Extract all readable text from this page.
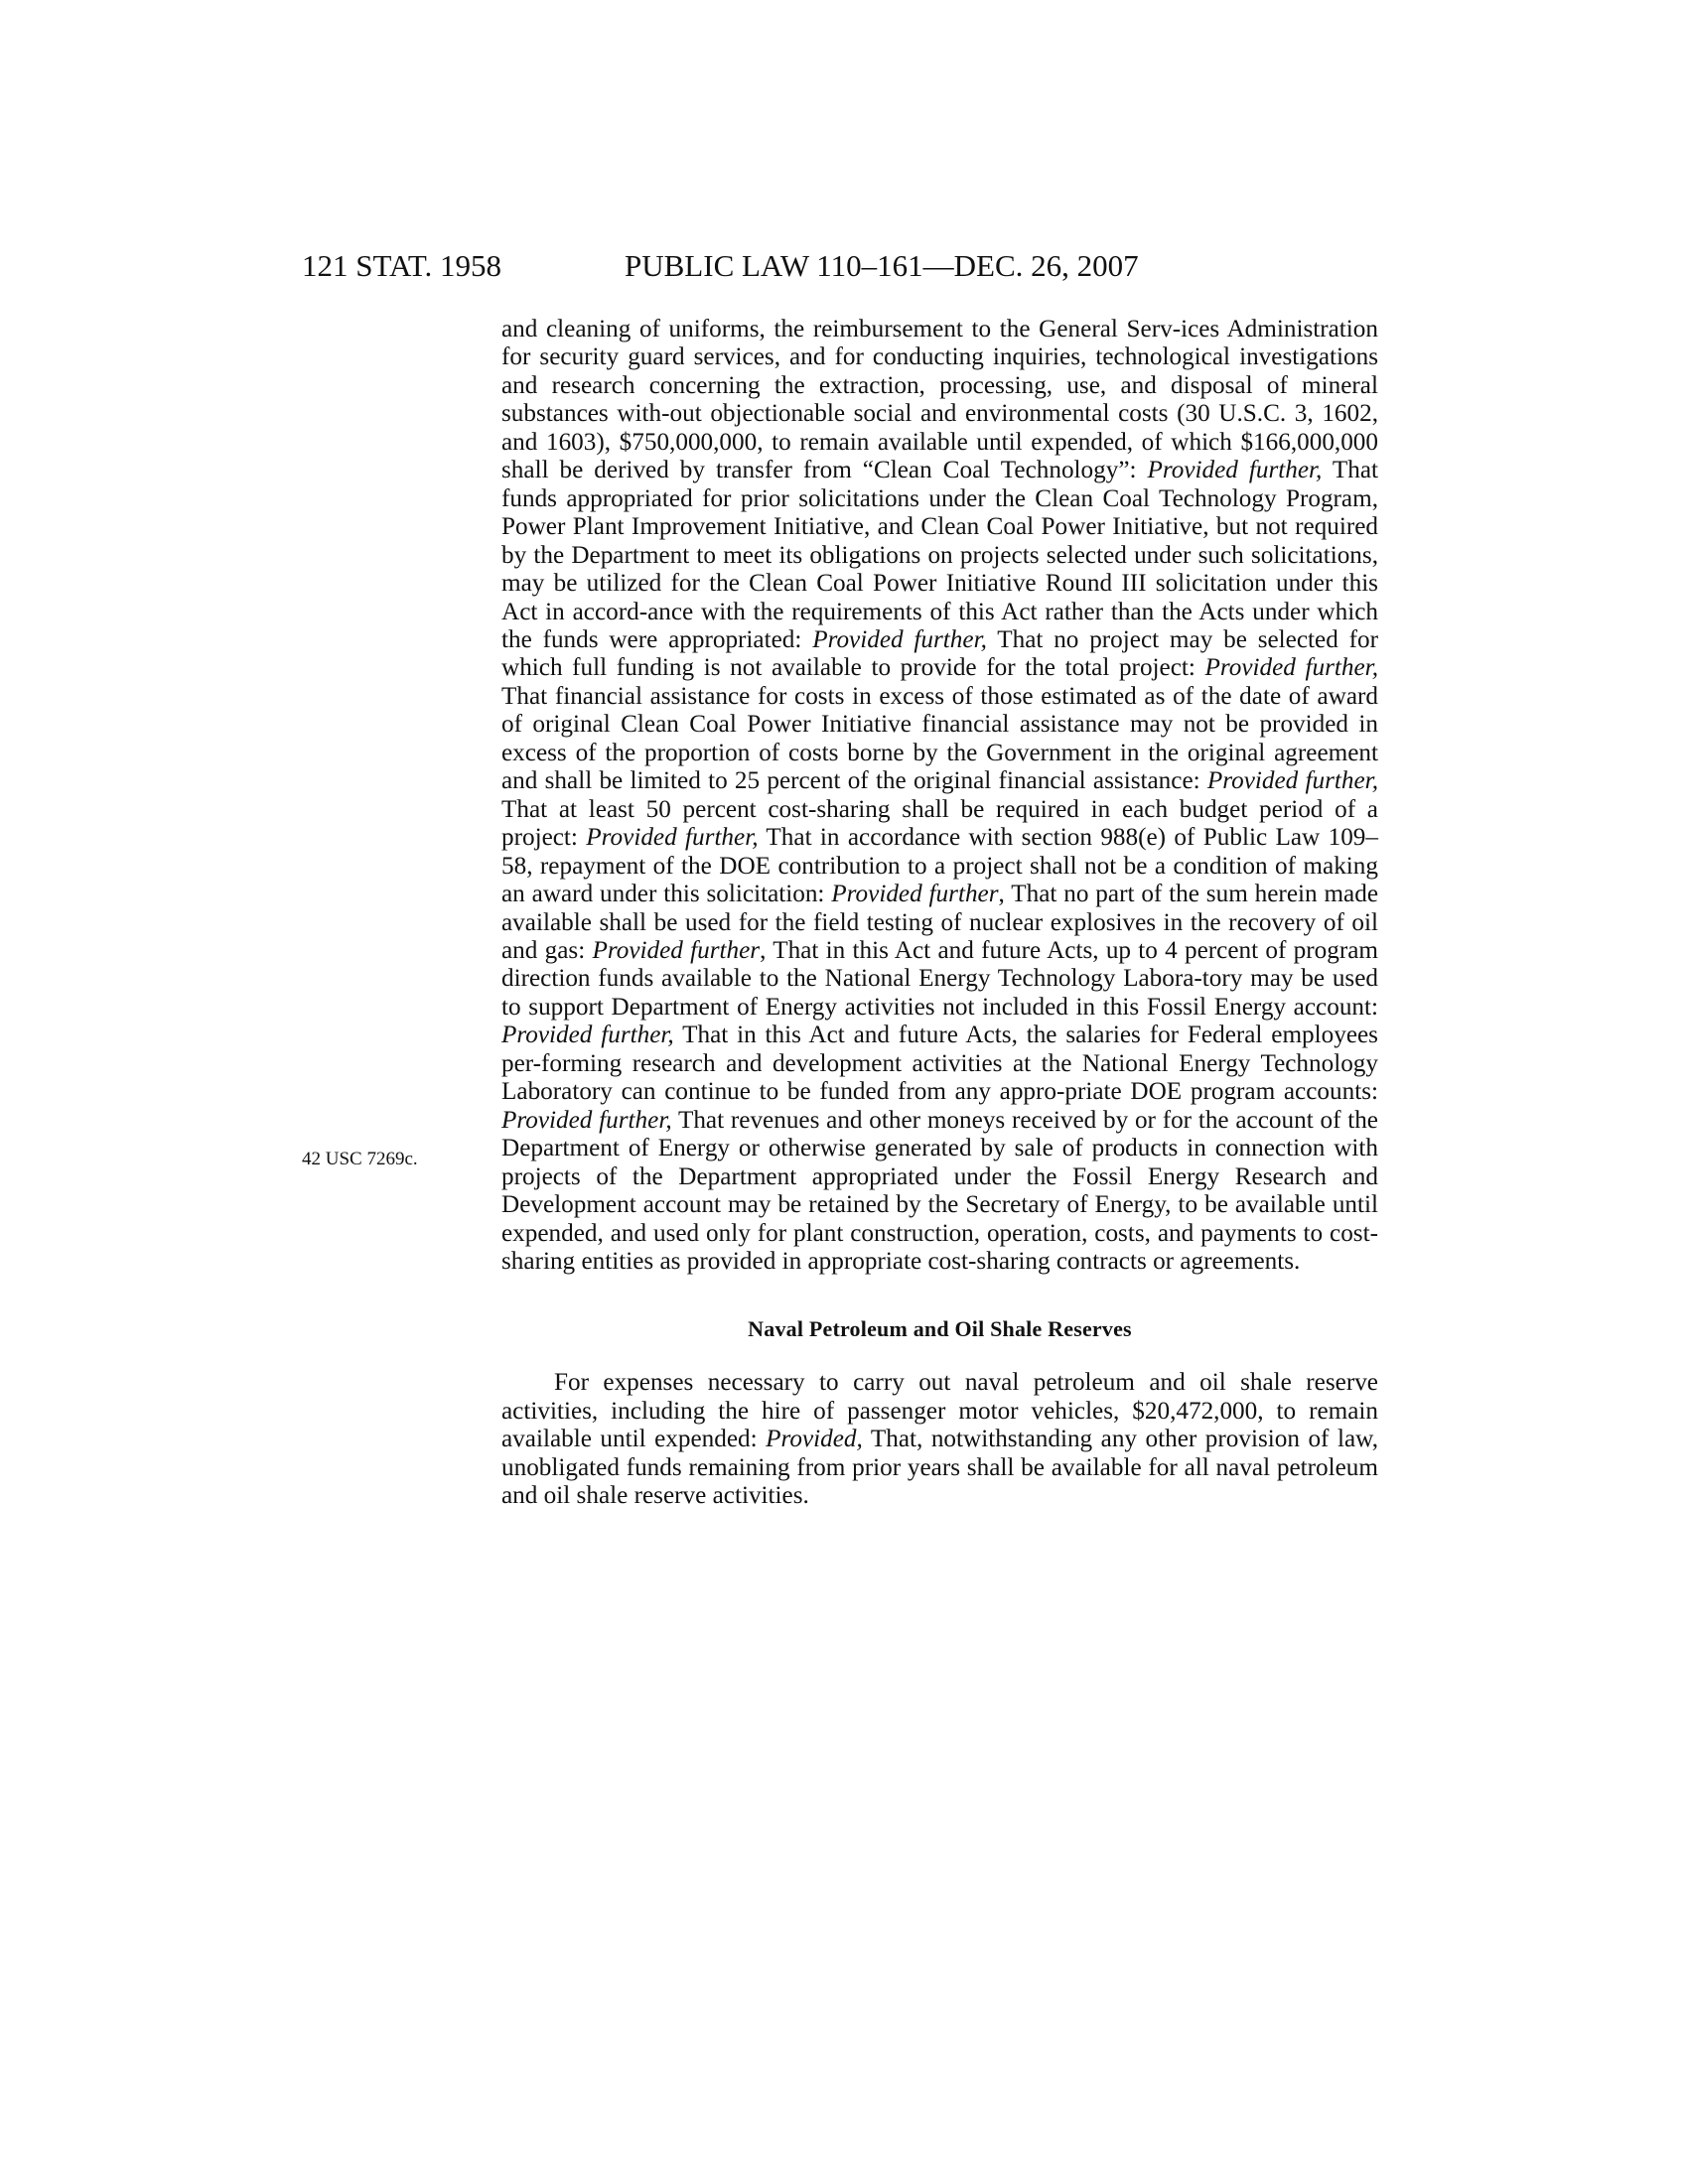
121 STAT. 1958	PUBLIC LAW 110–161—DEC. 26, 2007
42 USC 7269c.

and cleaning of uniforms, the reimbursement to the General Serv-ices Administration for security guard services, and for conducting inquiries, technological investigations and research concerning the extraction, processing, use, and disposal of mineral substances with-out objectionable social and environmental costs (30 U.S.C. 3, 1602, and 1603), $750,000,000, to remain available until expended, of which $166,000,000 shall be derived by transfer from “Clean Coal Technology”: Provided further, That funds appropriated for prior solicitations under the Clean Coal Technology Program, Power Plant Improvement Initiative, and Clean Coal Power Initiative, but not required by the Department to meet its obligations on projects selected under such solicitations, may be utilized for the Clean Coal Power Initiative Round III solicitation under this Act in accord-ance with the requirements of this Act rather than the Acts under which the funds were appropriated: Provided further, That no project may be selected for which full funding is not available to provide for the total project: Provided further, That financial assistance for costs in excess of those estimated as of the date of award of original Clean Coal Power Initiative financial assistance may not be provided in excess of the proportion of costs borne by the Government in the original agreement and shall be limited to 25 percent of the original financial assistance: Provided further, That at least 50 percent cost-sharing shall be required in each budget period of a project: Provided further, That in accordance with section 988(e) of Public Law 109–58, repayment of the DOE contribution to a project shall not be a condition of making an award under this solicitation: Provided further, That no part of the sum herein made available shall be used for the field testing of nuclear explosives in the recovery of oil and gas: Provided further, That in this Act and future Acts, up to 4 percent of program direction funds available to the National Energy Technology Labora-tory may be used to support Department of Energy activities not included in this Fossil Energy account: Provided further, That in this Act and future Acts, the salaries for Federal employees per-forming research and development activities at the National Energy Technology Laboratory can continue to be funded from any appro-priate DOE program accounts: Provided further, That revenues and other moneys received by or for the account of the Department of Energy or otherwise generated by sale of products in connection with projects of the Department appropriated under the Fossil Energy Research and Development account may be retained by the Secretary of Energy, to be available until expended, and used only for plant construction, operation, costs, and payments to cost-sharing entities as provided in appropriate cost-sharing contracts or agreements.

Naval Petroleum and Oil Shale Reserves

For expenses necessary to carry out naval petroleum and oil shale reserve activities, including the hire of passenger motor vehicles, $20,472,000, to remain available until expended: Provided, That, notwithstanding any other provision of law, unobligated funds remaining from prior years shall be available for all naval petroleum and oil shale reserve activities.
